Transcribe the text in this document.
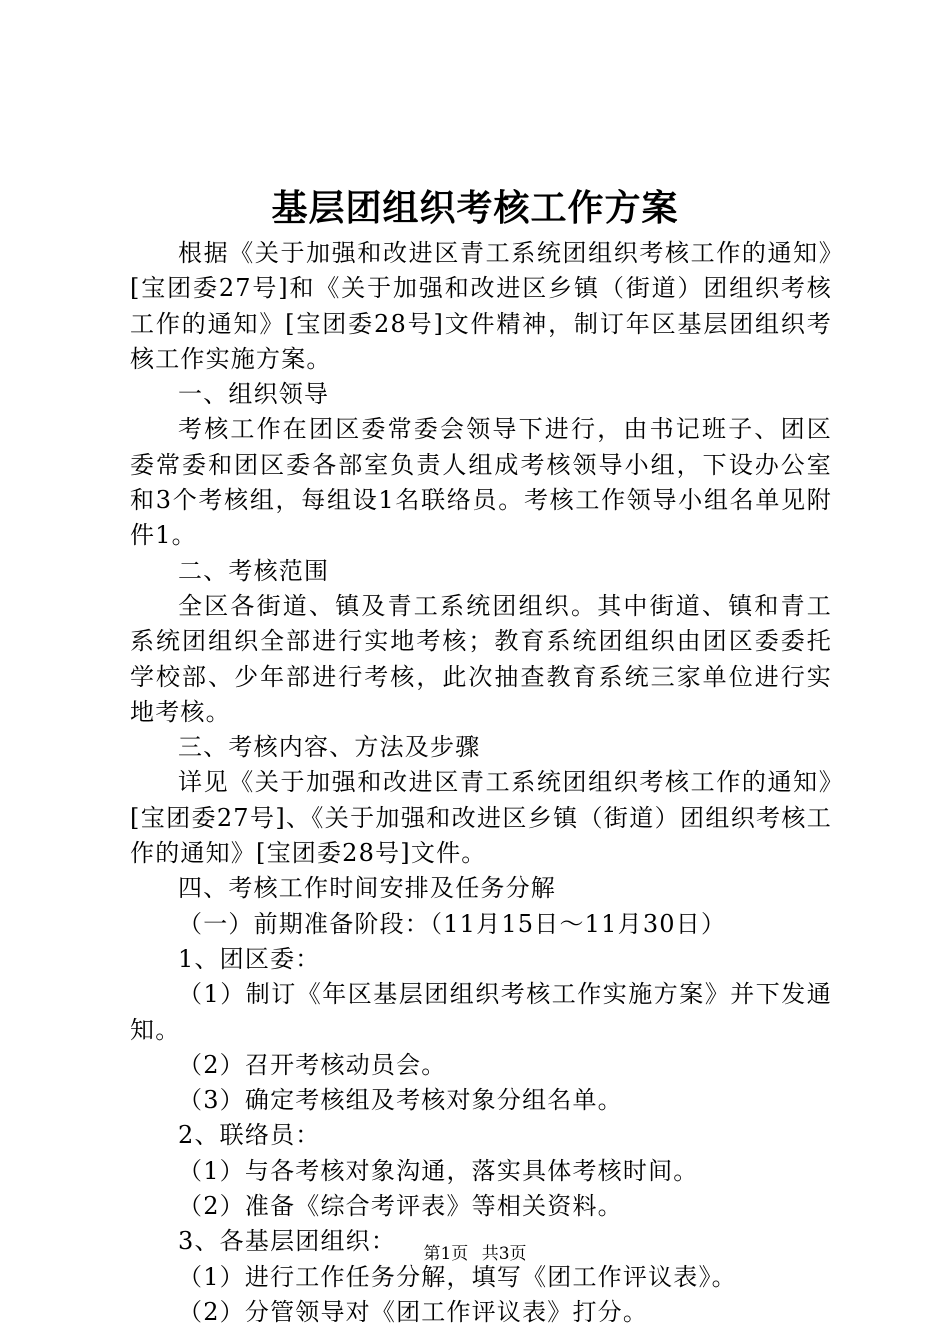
基层团组织考核工作方案

根据《关于加强和改进区青工系统团组织考核工作的通知》[宝团委27号]和《关于加强和改进区乡镇（街道）团组织考核工作的通知》[宝团委28号]文件精神，制订年区基层团组织考核工作实施方案。

一、组织领导

考核工作在团区委常委会领导下进行，由书记班子、团区委常委和团区委各部室负责人组成考核领导小组，下设办公室和3个考核组，每组设1名联络员。考核工作领导小组名单见附件1。

二、考核范围

全区各街道、镇及青工系统团组织。其中街道、镇和青工系统团组织全部进行实地考核；教育系统团组织由团区委委托学校部、少年部进行考核，此次抽查教育系统三家单位进行实地考核。

三、考核内容、方法及步骤

详见《关于加强和改进区青工系统团组织考核工作的通知》[宝团委27号]、《关于加强和改进区乡镇（街道）团组织考核工作的通知》[宝团委28号]文件。

四、考核工作时间安排及任务分解

（一）前期准备阶段：（11月15日～11月30日）

1、团区委：

（1）制订《年区基层团组织考核工作实施方案》并下发通知。

（2）召开考核动员会。

（3）确定考核组及考核对象分组名单。

2、联络员：

（1）与各考核对象沟通，落实具体考核时间。

（2）准备《综合考评表》等相关资料。

3、各基层团组织：

（1）进行工作任务分解，填写《团工作评议表》。

（2）分管领导对《团工作评议表》打分。

第1页 共3页
